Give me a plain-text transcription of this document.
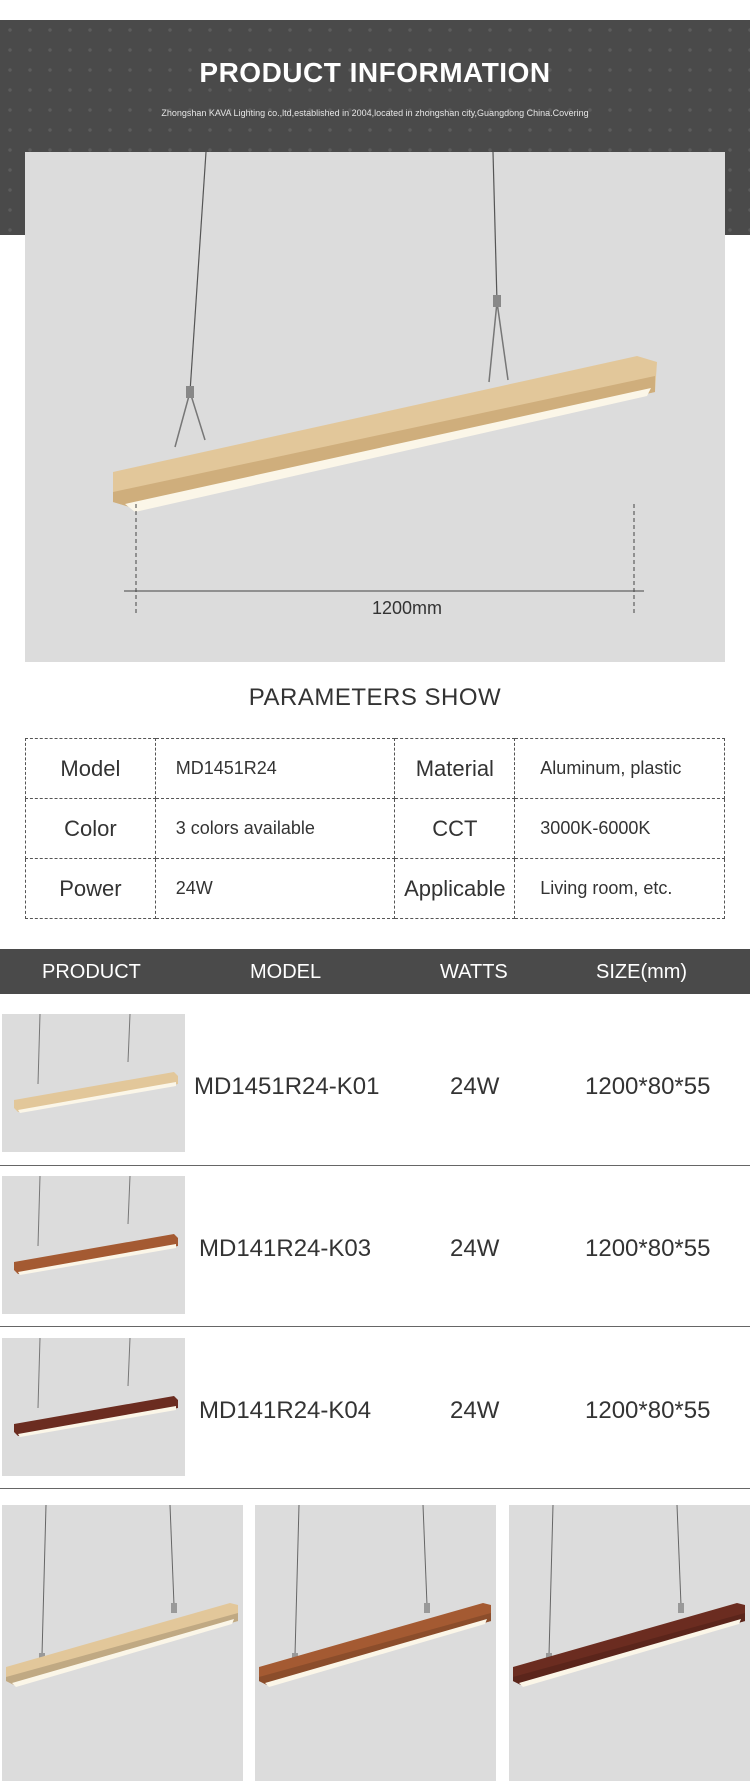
PRODUCT INFORMATION
Zhongshan KAVA Lighting co.,ltd,established in 2004,located in zhongshan city,Guangdong China.Covering
1200mm
PARAMETERS SHOW
Model	MD1451R24	Material	Aluminum, plastic
Color	3 colors available	CCT	3000K-6000K
Power	24W	Applicable	Living room, etc.
PRODUCT	MODEL	WATTS	SIZE(mm)
MD1451R24-K01	24W	1200*80*55
MD141R24-K03	24W	1200*80*55
MD141R24-K04	24W	1200*80*55
